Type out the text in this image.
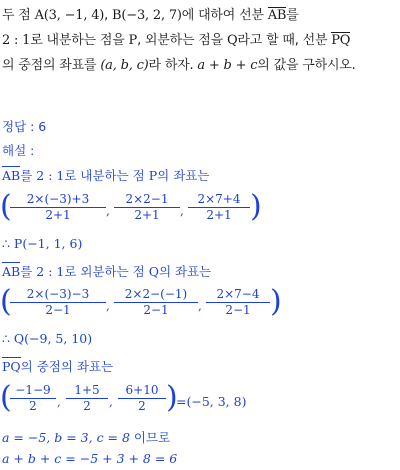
두 점 A(3, −1, 4), B(−3, 2, 7)에 대하여 선분 AB를
2 : 1로 내분하는 점을 P, 외분하는 점을 Q라고 할 때, 선분 PQ
의 중점의 좌표를 (a, b, c)라 하자. a + b + c의 값을 구하시오.
정답 : 6
해설 :
AB를 2 : 1로 내분하는 점 P의 좌표는
(
$\frac{2\times(-3)+3}{2+1}$ , $\frac{2\times 2-1}{2+1}$ , $\frac{2\times 7+4}{2+1}$ )
∴ P(−1, 1, 6)
AB를 2 : 1로 외분하는 점 Q의 좌표는
(
$\frac{2\times(-3)-3}{2-1}$ , $\frac{2\times 2-(-1)}{2-1}$ , $\frac{2\times 7-4}{2-1}$ )
∴ Q(−9, 5, 10)
PQ의 중점의 좌표는
(
$\frac{-1-9}{2}$ , $\frac{1+5}{2}$ , $\frac{6+10}{2}$ )
=(−5, 3, 8)
a = −5, b = 3, c = 8 이므로
a + b + c = −5 + 3 + 8 = 6
